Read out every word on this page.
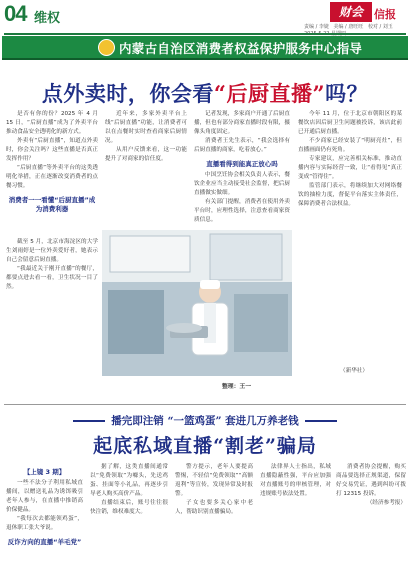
04 维权	财会	信报
责编 / 李婕 美编 / 唐旺旺 校对 / 刘玉
内蒙古自治区消费者权益保护服务中心指导
点外卖时，你会看“后厨直播”吗？

是否有你的份？2025 年 4 月 15 日，“后厨直播”成为了外卖平台推动食品安全透明化的新方式。

外卖有“后厨直播”，知道点外卖时，你会关注吗？这些直播是否真正发挥作用？

“后厨直播”等外卖平台的这类透明化举措，正在逐渐改变消费者的点餐习惯。

消费者一一看懂“后厨直播”成为消费利器

截至 5 月，北京市海淀区的大学生刘雨婷是一位外卖爱好者，她表示自己会留意后厨直播。

“我最近关于刚开直播”的餐厅，都要点进去看一看，卫生状况一目了然。

近年来，多家外卖平台上线“后厨直播”功能，让消费者可以在点餐时实时查看商家后厨情况。

从用户反馈来看，这一功能提升了对商家的信任度。

记者发现，多家商户开通了后厨直播，但也有部分商家直播时段有限，摄像头角度固定。

消费者王先生表示，“我会选择有后厨直播的商家，吃着放心。”

直播看得到能真正放心吗

中国烹饪协会相关负责人表示，餐饮企业应当主动接受社会监督，把后厨直播做实做细。

有关部门提醒，消费者在使用外卖平台时，应理性选择，注意查看商家资质信息。

今年 11 月，位于北京市朝阳区的某餐饮店因后厨卫生问题被投诉，该店此前已开通后厨直播。

不少商家已经安装了“明厨亮灶”，但直播画面仍有死角。

专家建议，应完善相关标准，推动直播内容与实际经营一致，让“看得见”真正变成“管得住”。

监管部门表示，将继续加大对网络餐饮的抽检力度，督促平台落实主体责任，保障消费者合法权益。

（新华社）
整理：王一
播完即注销 “一篮鸡蛋” 套进几万养老钱
起底私域直播“割老”骗局
【上镜 3 期】

一些不法分子利用私域直播间，以赠送礼品为诱饵吸引老年人参与，在直播中推销高价保健品。

“我每次去都能领鸡蛋”，退休职工张大爷说。

反诈方向的直播“羊毛党”

据了解，这类直播间通常以“免费领取”为噱头，先送鸡蛋、挂面等小礼品，再逐步引导老人购买高价产品。

直播结束后，账号往往很快注销，维权难度大。

警方提示，老年人要提高警惕，不轻信“免费领取”“高额返利”等宣传，发现异常及时报警。

子女也要多关心家中老人，帮助识别直播骗局。

法律界人士指出，私域直播隐蔽性强，平台应加强对直播账号的审核管理，对违规账号依法处置。

消费者协会提醒，购买商品要选择正规渠道，保留好交易凭证，遇到纠纷可拨打 12315 投诉。

（经济参考报）
